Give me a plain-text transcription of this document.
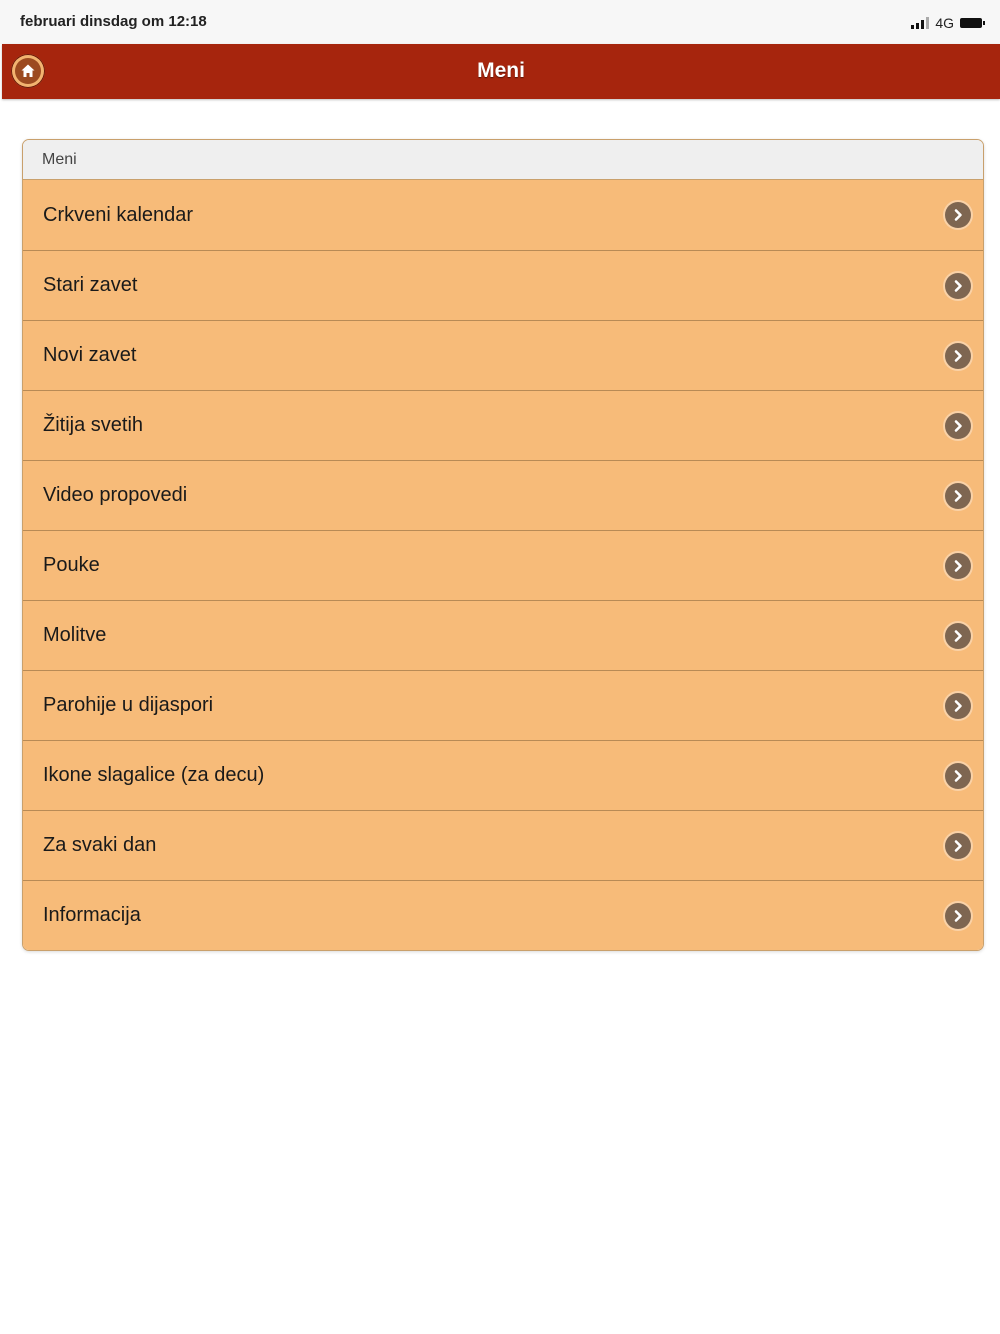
februari dinsdag om 12:18	4G
Meni
Meni
Crkveni kalendar
Stari zavet
Novi zavet
Žitija svetih
Video propovedi
Pouke
Molitve
Parohije u dijaspori
Ikone slagalice (za decu)
Za svaki dan
Informacija
